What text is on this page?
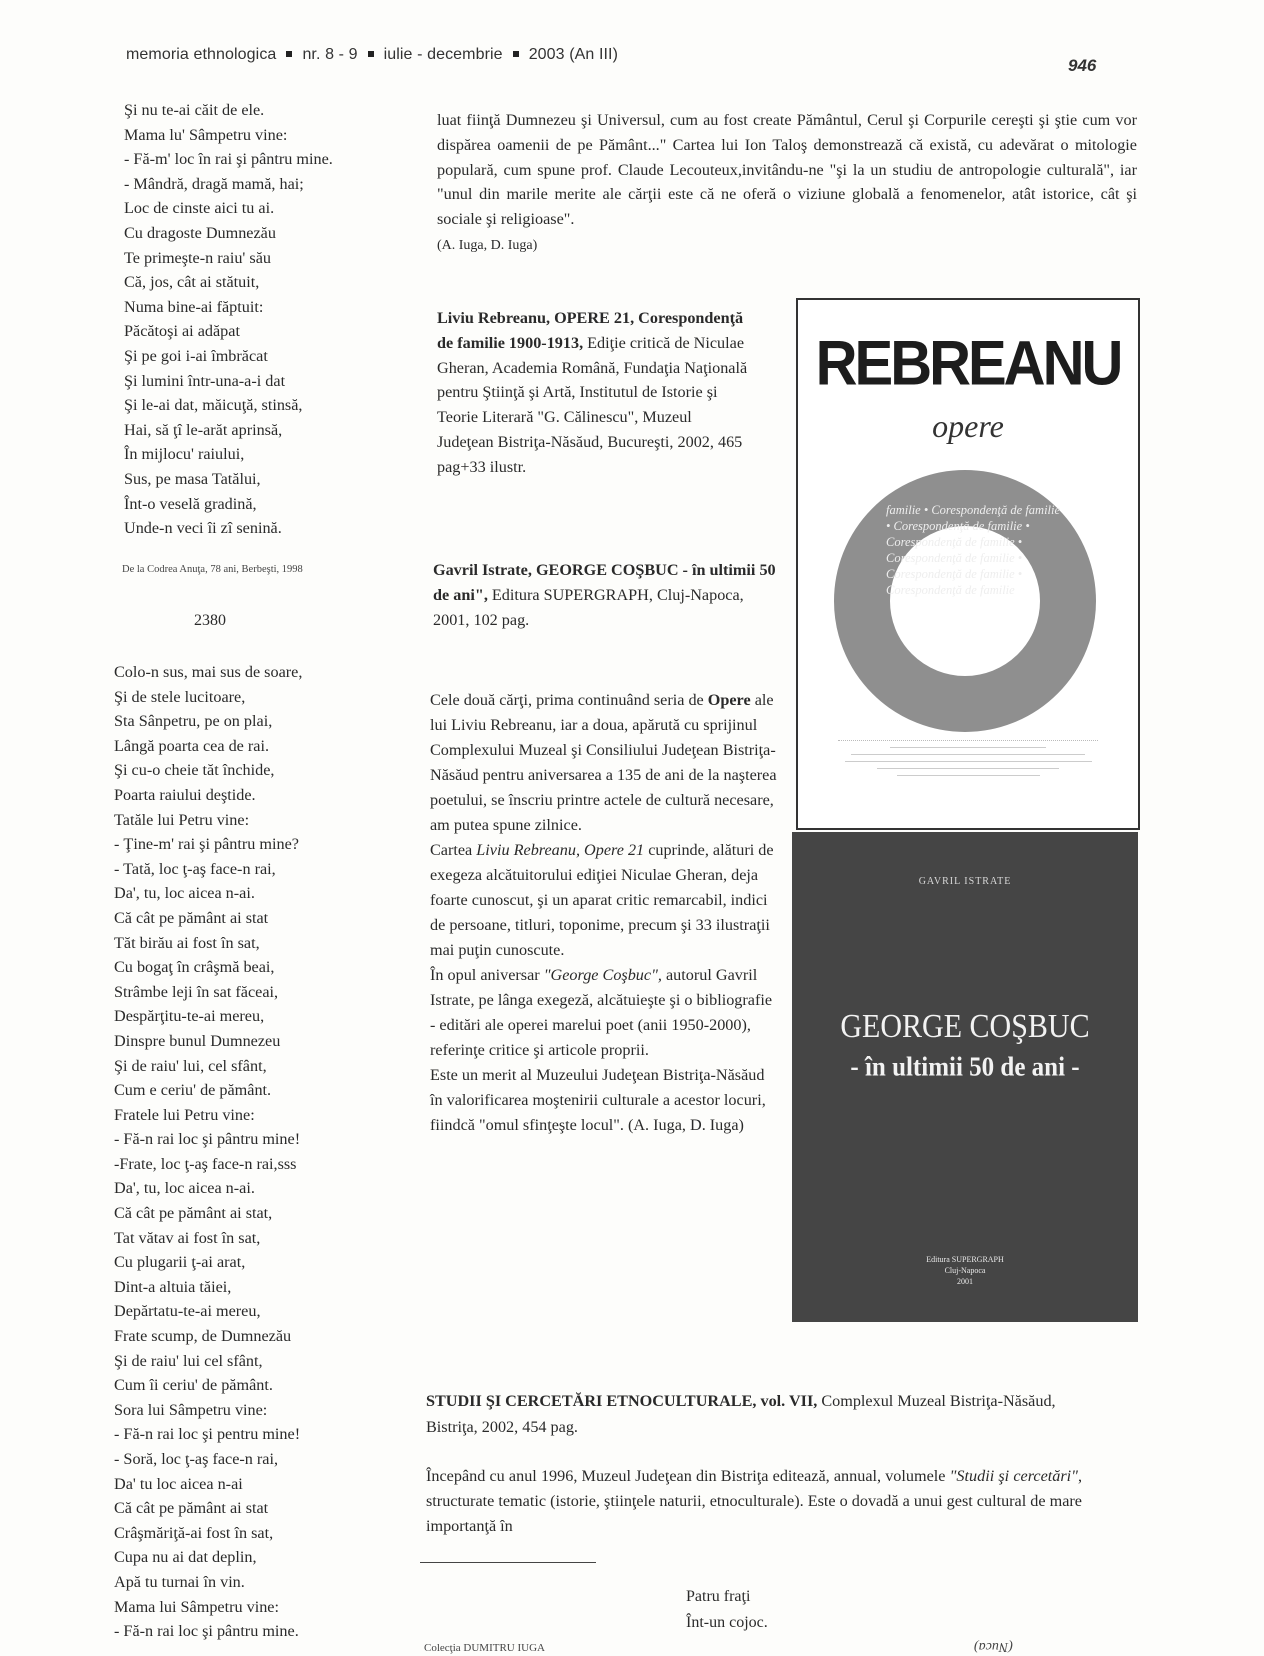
memoria ethnologica nr. 8 - 9 iulie - decembrie 2003 (An III)
946
Şi nu te-ai căit de ele.
Mama lu' Sâmpetru vine:
- Fă-m' loc în rai şi pântru mine.
- Mândră, dragă mamă, hai;
Loc de cinste aici tu ai.
Cu dragoste Dumnezău
Te primeşte-n raiu' său
Că, jos, cât ai stătuit,
Numa bine-ai făptuit:
Păcătoşi ai adăpat
Şi pe goi i-ai îmbrăcat
Şi lumini într-una-a-i dat
Şi le-ai dat, măicuţă, stinsă,
Hai, să ţî le-arăt aprinsă,
În mijlocu' raiului,
Sus, pe masa Tatălui,
Înt-o veselă gradină,
Unde-n veci îi zî senină.
De la Codrea Anuţa, 78 ani, Berbeşti, 1998
2380
Colo-n sus, mai sus de soare,
Şi de stele lucitoare,
Sta Sânpetru, pe on plai,
Lângă poarta cea de rai.
Şi cu-o cheie tăt închide,
Poarta raiului deştide.
Tatăle lui Petru vine:
- Ţine-m' rai şi pântru mine?
- Tată, loc ţ-aş face-n rai,
Da', tu, loc aicea n-ai.
Că cât pe pământ ai stat
Tăt birău ai fost în sat,
Cu bogaţ în crâşmă beai,
Strâmbe leji în sat făceai,
Despărţitu-te-ai mereu,
Dinspre bunul Dumnezeu
Şi de raiu' lui, cel sfânt,
Cum e ceriu' de pământ.
Fratele lui Petru vine:
- Fă-n rai loc şi pântru mine!
-Frate, loc ţ-aş face-n rai,sss
Da', tu, loc aicea n-ai.
Că cât pe pământ ai stat,
Tat vătav ai fost în sat,
Cu plugarii ţ-ai arat,
Dint-a altuia tăiei,
Depărtatu-te-ai mereu,
Frate scump, de Dumnezău
Şi de raiu' lui cel sfânt,
Cum îi ceriu' de pământ.
Sora lui Sâmpetru vine:
- Fă-n rai loc şi pentru mine!
- Soră, loc ţ-aş face-n rai,
Da' tu loc aicea n-ai
Că cât pe pământ ai stat
Crâşmăriţă-ai fost în sat,
Cupa nu ai dat deplin,
Apă tu turnai în vin.
Mama lui Sâmpetru vine:
- Fă-n rai loc şi pântru mine.

luat fiinţă Dumnezeu şi Universul, cum au fost create Pământul, Cerul şi Corpurile cereşti şi ştie cum vor dispărea oamenii de pe Pământ..." Cartea lui Ion Taloş demonstrează că există, cu adevărat o mitologie populară, cum spune prof. Claude Lecouteux,invitându-ne "şi la un studiu de antropologie culturală", iar "unul din marile merite ale cărţii este că ne oferă o viziune globală a fenomenelor, atât istorice, cât şi sociale şi religioase".
(A. Iuga, D. Iuga)

Liviu Rebreanu, OPERE 21, Corespondenţă de familie 1900-1913, Ediţie critică de Niculae Gheran, Academia Română, Fundaţia Naţională pentru Ştiinţă şi Artă, Institutul de Istorie şi Teorie Literară "G. Călinescu", Muzeul Judeţean Bistriţa-Năsăud, Bucureşti, 2002, 465 pag+33 ilustr.

Gavril Istrate, GEORGE COŞBUC - în ultimii 50 de ani", Editura SUPERGRAPH, Cluj-Napoca, 2001, 102 pag.

Cele două cărţi, prima continuând seria de Opere ale lui Liviu Rebreanu, iar a doua, apărută cu sprijinul Complexului Muzeal şi Consiliului Judeţean Bistriţa-Năsăud pentru aniversarea a 135 de ani de la naşterea poetului, se înscriu printre actele de cultură necesare, am putea spune zilnice.
Cartea Liviu Rebreanu, Opere 21 cuprinde, alături de exegeza alcătuitorului ediţiei Niculae Gheran, deja foarte cunoscut, şi un aparat critic remarcabil, indici de persoane, titluri, toponime, precum şi 33 ilustraţii mai puţin cunoscute.
În opul aniversar "George Coşbuc", autorul Gavril Istrate, pe lânga exegeză, alcătuieşte şi o bibliografie - editări ale operei marelui poet (anii 1950-2000), referinţe critice şi articole proprii.
Este un merit al Muzeului Judeţean Bistriţa-Năsăud în valorificarea moştenirii culturale a acestor locuri, fiindcă "omul sfinţeşte locul". (A. Iuga, D. Iuga)
REBREANU
opere
familie • Corespondenţă de familie • Corespondenţă de familie • Corespondenţă de familie • Corespondenţă de familie • Corespondenţă de familie • Corespondenţă de familie
GAVRIL ISTRATE
GEORGE COŞBUC
- în ultimii 50 de ani -
Editura SUPERGRAPH
Cluj-Napoca
2001

STUDII ŞI CERCETĂRI ETNOCULTURALE, vol. VII, Complexul Muzeal Bistriţa-Năsăud, Bistriţa, 2002, 454 pag.

Începând cu anul 1996, Muzeul Judeţean din Bistriţa editează, annual, volumele "Studii şi cercetări", structurate tematic (istorie, ştiinţele naturii, etnoculturale). Este o dovadă a unui gest cultural de mare importanţă în

Patru fraţi
Înt-un cojoc.
Colecţia DUMITRU IUGA	(Nuca)
